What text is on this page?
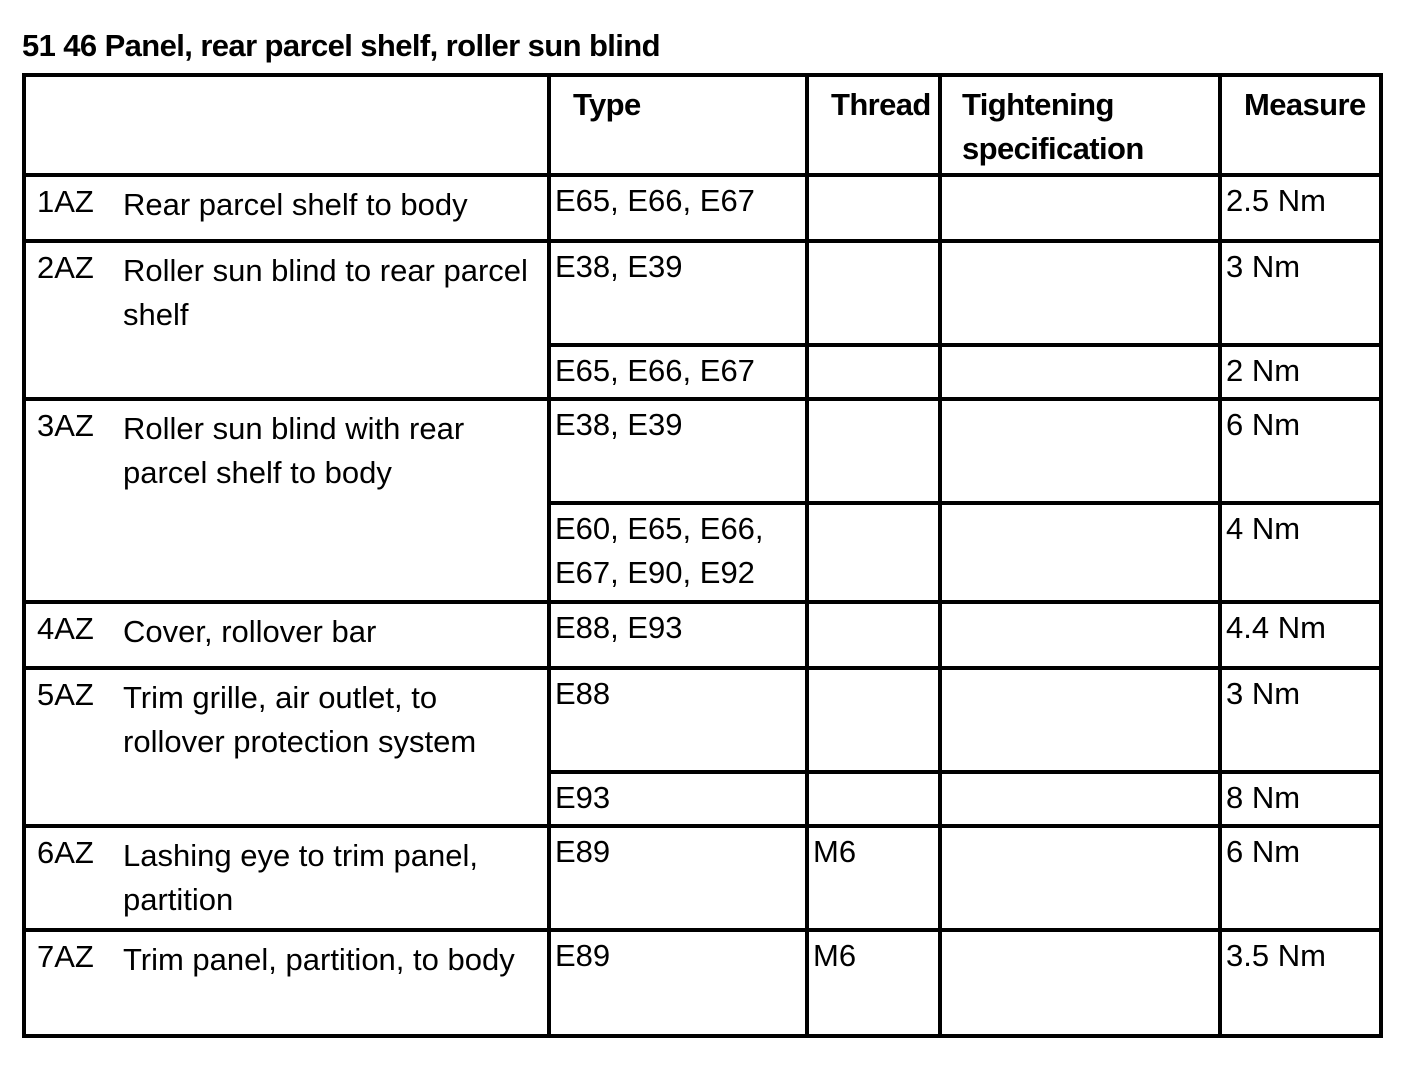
51 46 Panel, rear parcel shelf, roller sun blind
	Type	Thread	Tightening specification	Measure

1AZ Rear parcel shelf to body	E65, E66, E67			2.5 Nm

2AZ Roller sun blind to rear parcel shelf	E38, E39			3 Nm
	E65, E66, E67			2 Nm

3AZ Roller sun blind with rear parcel shelf to body	E38, E39			6 Nm
	E60, E65, E66, E67, E90, E92			4 Nm

4AZ Cover, rollover bar	E88, E93			4.4 Nm

5AZ Trim grille, air outlet, to rollover protection system	E88			3 Nm
	E93			8 Nm

6AZ Lashing eye to trim panel, partition	E89	M6		6 Nm

7AZ Trim panel, partition, to body	E89	M6		3.5 Nm
